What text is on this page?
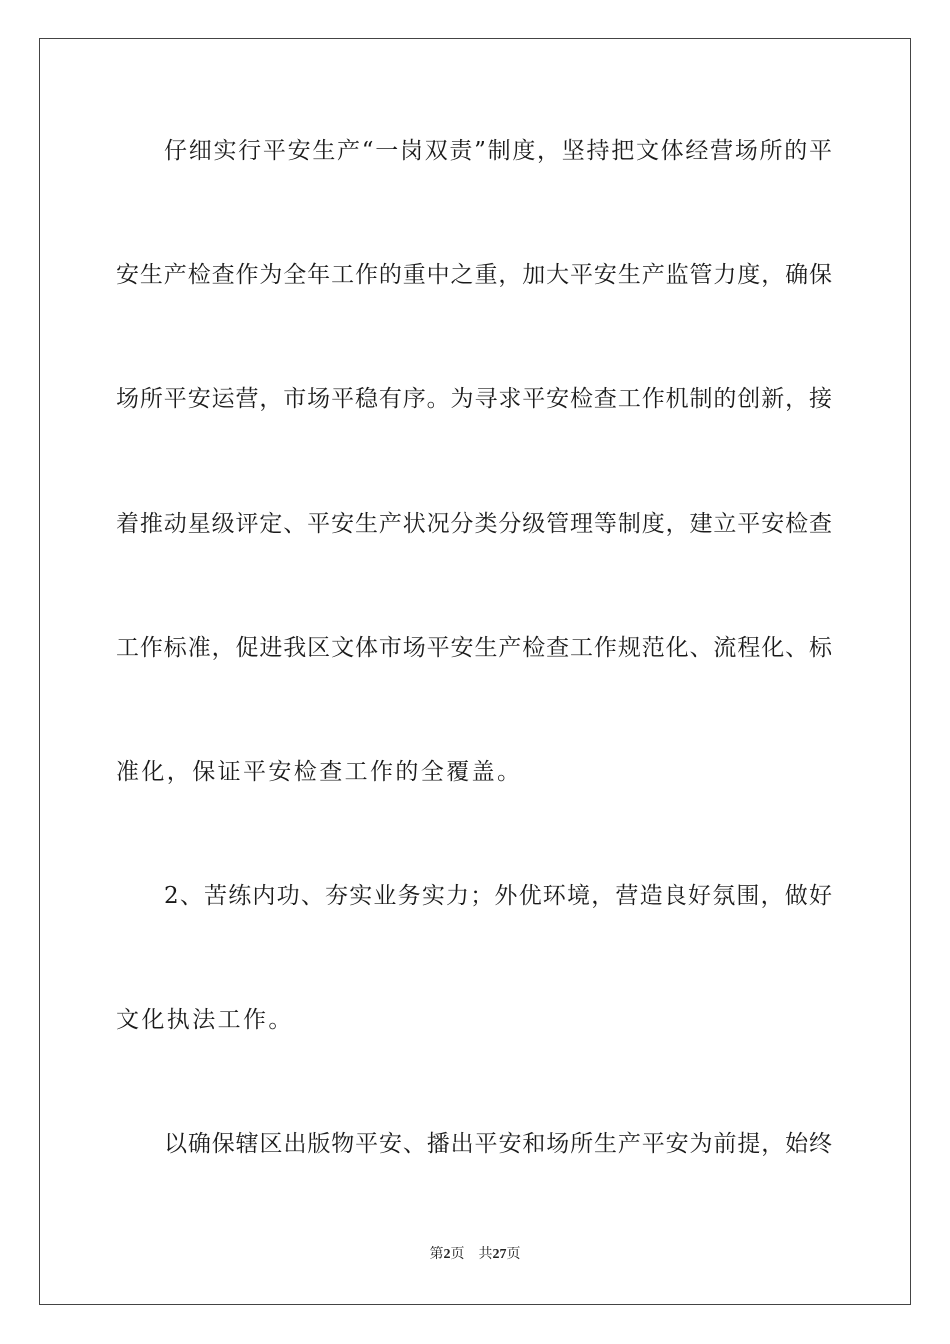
仔细实行平安生产“一岗双责”制度，坚持把文体经营场所的平
安生产检查作为全年工作的重中之重，加大平安生产监管力度，确保
场所平安运营，市场平稳有序。为寻求平安检查工作机制的创新，接
着推动星级评定、平安生产状况分类分级管理等制度，建立平安检查
工作标准，促进我区文体市场平安生产检查工作规范化、流程化、标
准化，保证平安检查工作的全覆盖。
2、苦练内功、夯实业务实力；外优环境，营造良好氛围，做好
文化执法工作。
以确保辖区出版物平安、播出平安和场所生产平安为前提，始终
第2页 共27页
